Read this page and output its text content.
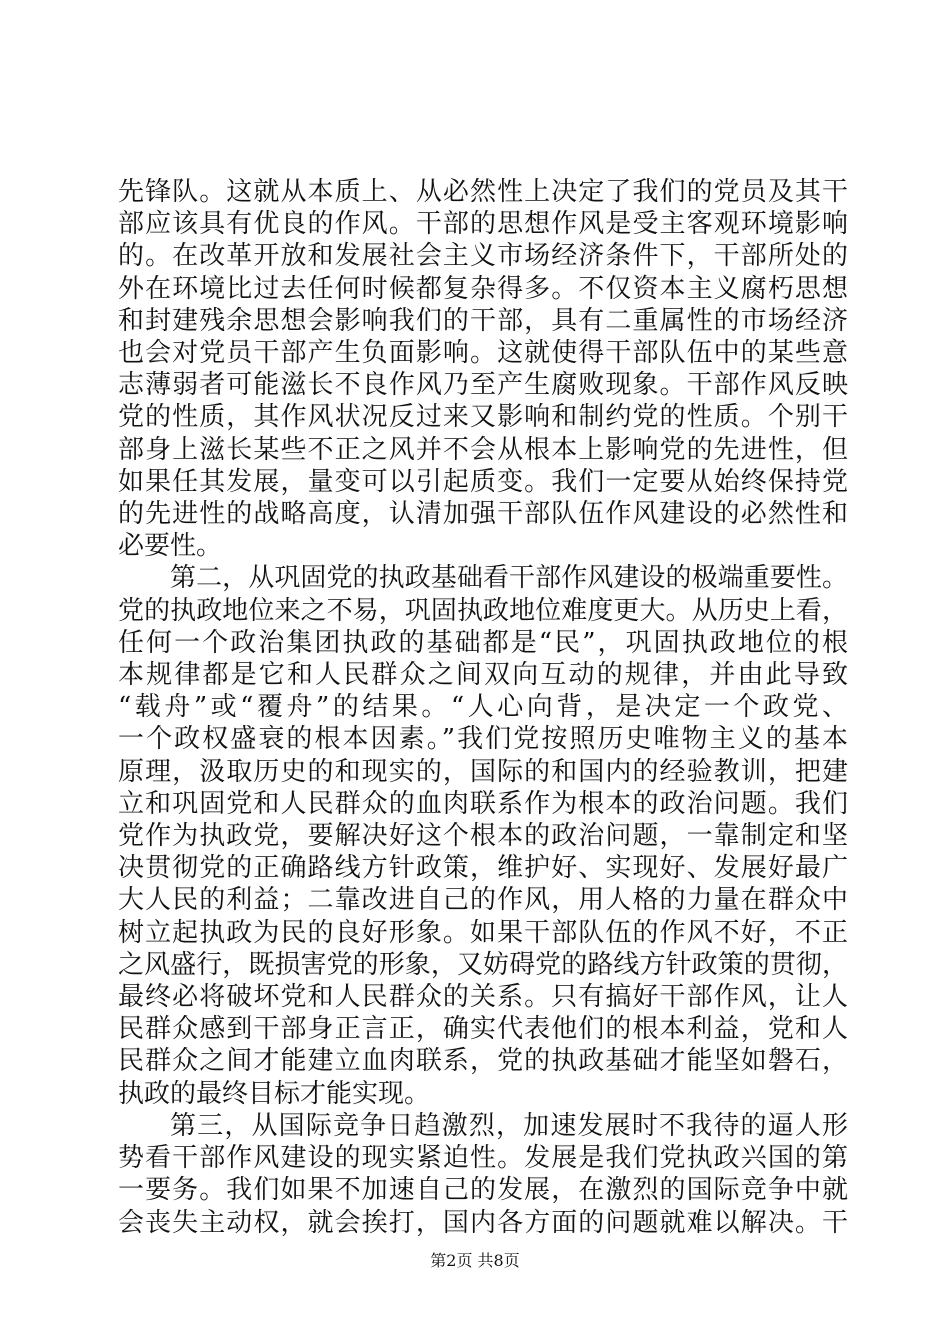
先锋队。这就从本质上、从必然性上决定了我们的党员及其干
部应该具有优良的作风。干部的思想作风是受主客观环境影响
的。在改革开放和发展社会主义市场经济条件下，干部所处的
外在环境比过去任何时候都复杂得多。不仅资本主义腐朽思想
和封建残余思想会影响我们的干部，具有二重属性的市场经济
也会对党员干部产生负面影响。这就使得干部队伍中的某些意
志薄弱者可能滋长不良作风乃至产生腐败现象。干部作风反映
党的性质，其作风状况反过来又影响和制约党的性质。个别干
部身上滋长某些不正之风并不会从根本上影响党的先进性，但
如果任其发展，量变可以引起质变。我们一定要从始终保持党
的先进性的战略高度，认清加强干部队伍作风建设的必然性和
必要性。
第二，从巩固党的执政基础看干部作风建设的极端重要性。
党的执政地位来之不易，巩固执政地位难度更大。从历史上看，
任何一个政治集团执政的基础都是“民”，巩固执政地位的根
本规律都是它和人民群众之间双向互动的规律，并由此导致
“载舟”或“覆舟”的结果。“人心向背，是决定一个政党、
一个政权盛衰的根本因素。”我们党按照历史唯物主义的基本
原理，汲取历史的和现实的，国际的和国内的经验教训，把建
立和巩固党和人民群众的血肉联系作为根本的政治问题。我们
党作为执政党，要解决好这个根本的政治问题，一靠制定和坚
决贯彻党的正确路线方针政策，维护好、实现好、发展好最广
大人民的利益；二靠改进自己的作风，用人格的力量在群众中
树立起执政为民的良好形象。如果干部队伍的作风不好，不正
之风盛行，既损害党的形象，又妨碍党的路线方针政策的贯彻，
最终必将破坏党和人民群众的关系。只有搞好干部作风，让人
民群众感到干部身正言正，确实代表他们的根本利益，党和人
民群众之间才能建立血肉联系，党的执政基础才能坚如磐石，
执政的最终目标才能实现。
第三，从国际竞争日趋激烈，加速发展时不我待的逼人形
势看干部作风建设的现实紧迫性。发展是我们党执政兴国的第
一要务。我们如果不加速自己的发展，在激烈的国际竞争中就
会丧失主动权，就会挨打，国内各方面的问题就难以解决。干
第2页 共8页
